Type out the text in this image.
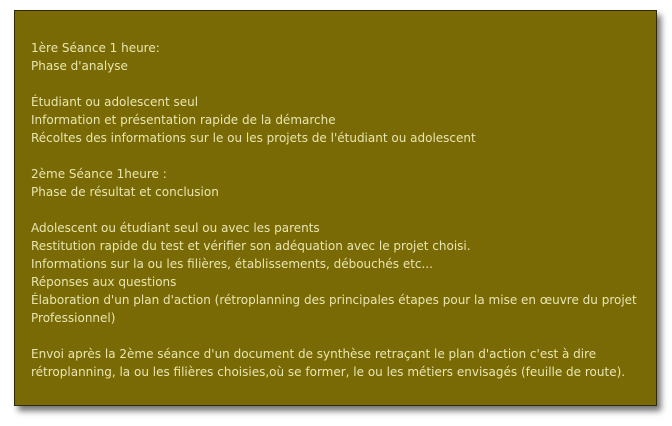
1ère Séance 1 heure:
Phase d'analyse
Étudiant ou adolescent seul
Information et présentation rapide de la démarche
Récoltes des informations sur le ou les projets de l'étudiant ou adolescent
2ème Séance 1heure :
Phase de résultat et conclusion
Adolescent ou étudiant seul ou avec les parents
Restitution rapide du test et vérifier son adéquation avec le projet choisi.
Informations sur la ou les filières, établissements, débouchés etc...
Réponses aux questions
Élaboration d'un plan d'action (rétroplanning des principales étapes pour la mise en œuvre du projet Professionnel)
Envoi après la 2ème séance d'un document de synthèse retraçant le plan d'action c'est à dire rétroplanning, la ou les filières choisies,où se former, le ou les métiers envisagés (feuille de route).
